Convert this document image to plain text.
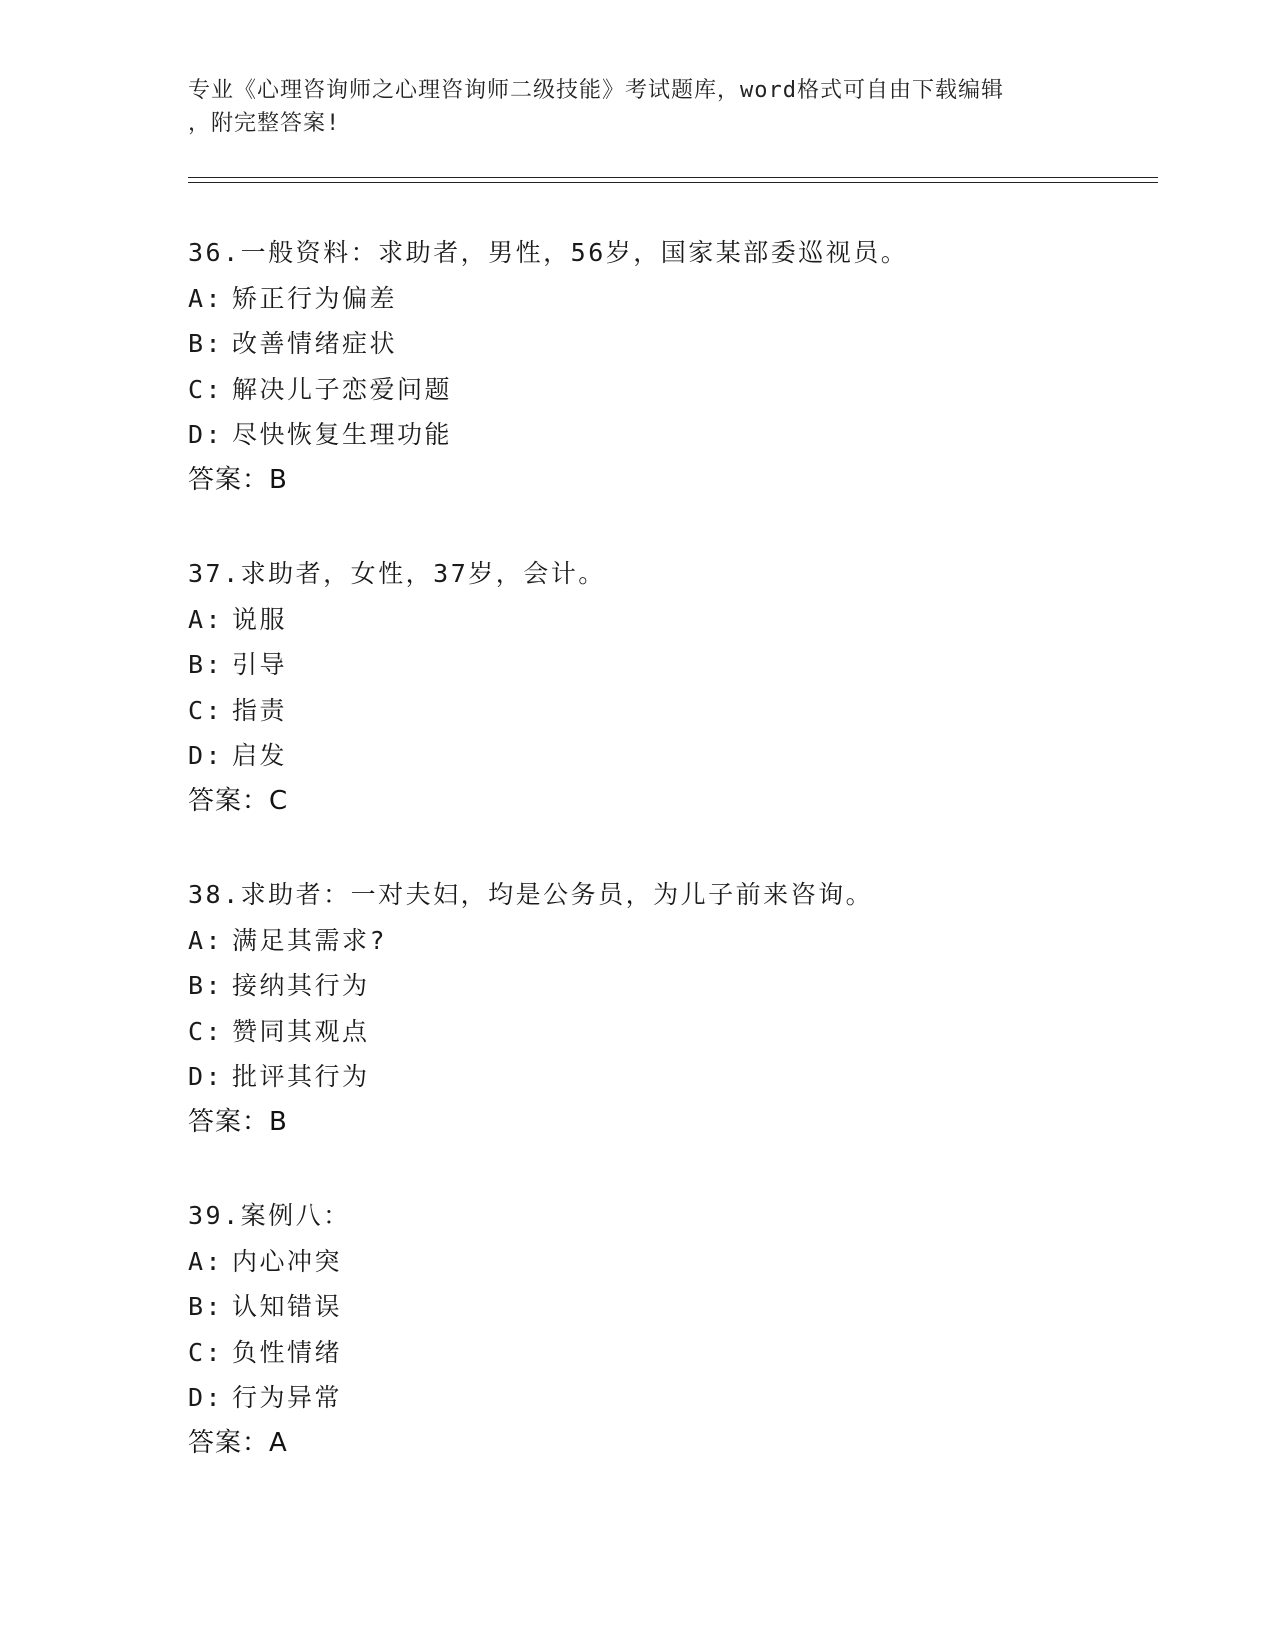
专业《心理咨询师之心理咨询师二级技能》考试题库，word格式可自由下载编辑
，附完整答案!
36.一般资料：求助者，男性，56岁，国家某部委巡视员。
A: 矫正行为偏差
B: 改善情绪症状
C: 解决儿子恋爱问题
D: 尽快恢复生理功能
答案：B
37.求助者，女性，37岁，会计。
A: 说服
B: 引导
C: 指责
D: 启发
答案：C
38.求助者：一对夫妇，均是公务员，为儿子前来咨询。
A: 满足其需求?
B: 接纳其行为
C: 赞同其观点
D: 批评其行为
答案：B
39.案例八：
A: 内心冲突
B: 认知错误
C: 负性情绪
D: 行为异常
答案：A
